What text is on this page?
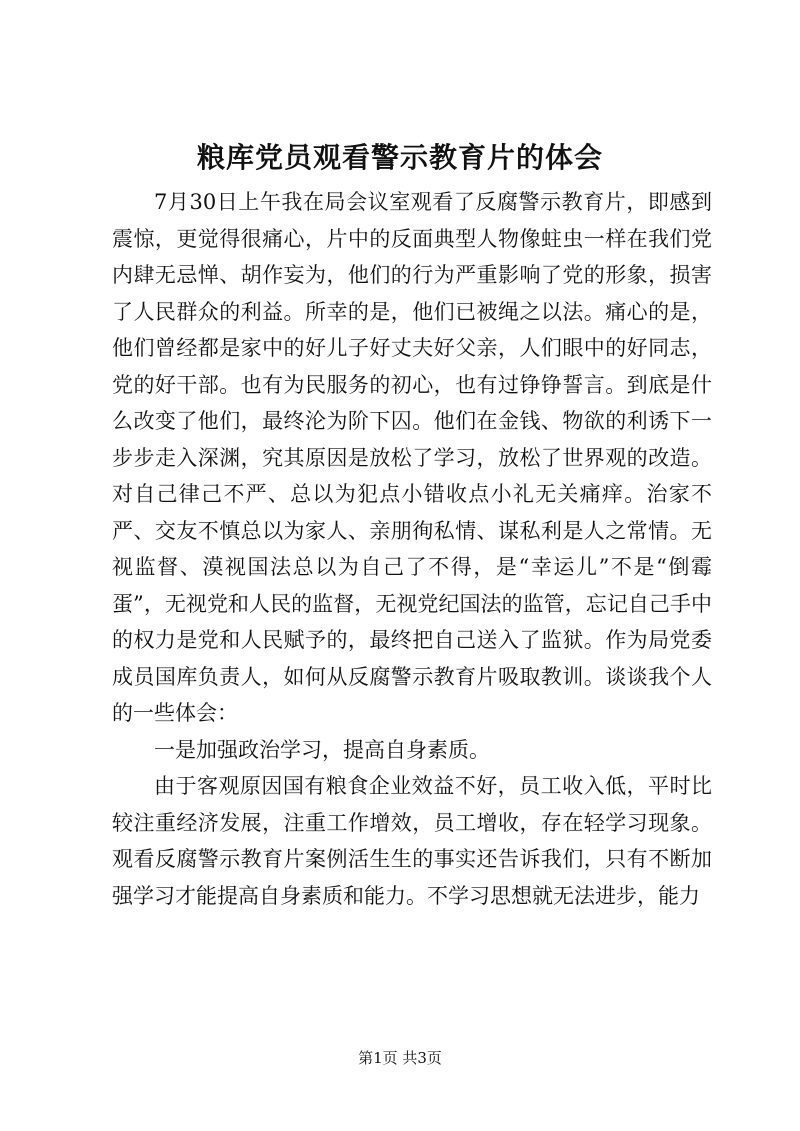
粮库党员观看警示教育片的体会

7月30日上午我在局会议室观看了反腐警示教育片，即感到震惊，更觉得很痛心，片中的反面典型人物像蛀虫一样在我们党内肆无忌惮、胡作妄为，他们的行为严重影响了党的形象，损害了人民群众的利益。所幸的是，他们已被绳之以法。痛心的是，他们曾经都是家中的好儿子好丈夫好父亲，人们眼中的好同志，党的好干部。也有为民服务的初心，也有过铮铮誓言。到底是什么改变了他们，最终沦为阶下囚。他们在金钱、物欲的利诱下一步步走入深渊，究其原因是放松了学习，放松了世界观的改造。对自己律己不严、总以为犯点小错收点小礼无关痛痒。治家不严、交友不慎总以为家人、亲朋徇私情、谋私利是人之常情。无视监督、漠视国法总以为自己了不得，是“幸运儿”不是“倒霉蛋”，无视党和人民的监督，无视党纪国法的监管，忘记自己手中的权力是党和人民赋予的，最终把自己送入了监狱。作为局党委成员国库负责人，如何从反腐警示教育片吸取教训。谈谈我个人的一些体会：

一是加强政治学习，提高自身素质。

由于客观原因国有粮食企业效益不好，员工收入低，平时比较注重经济发展，注重工作增效，员工增收，存在轻学习现象。观看反腐警示教育片案例活生生的事实还告诉我们，只有不断加强学习才能提高自身素质和能力。不学习思想就无法进步，能力

第1页 共3页
